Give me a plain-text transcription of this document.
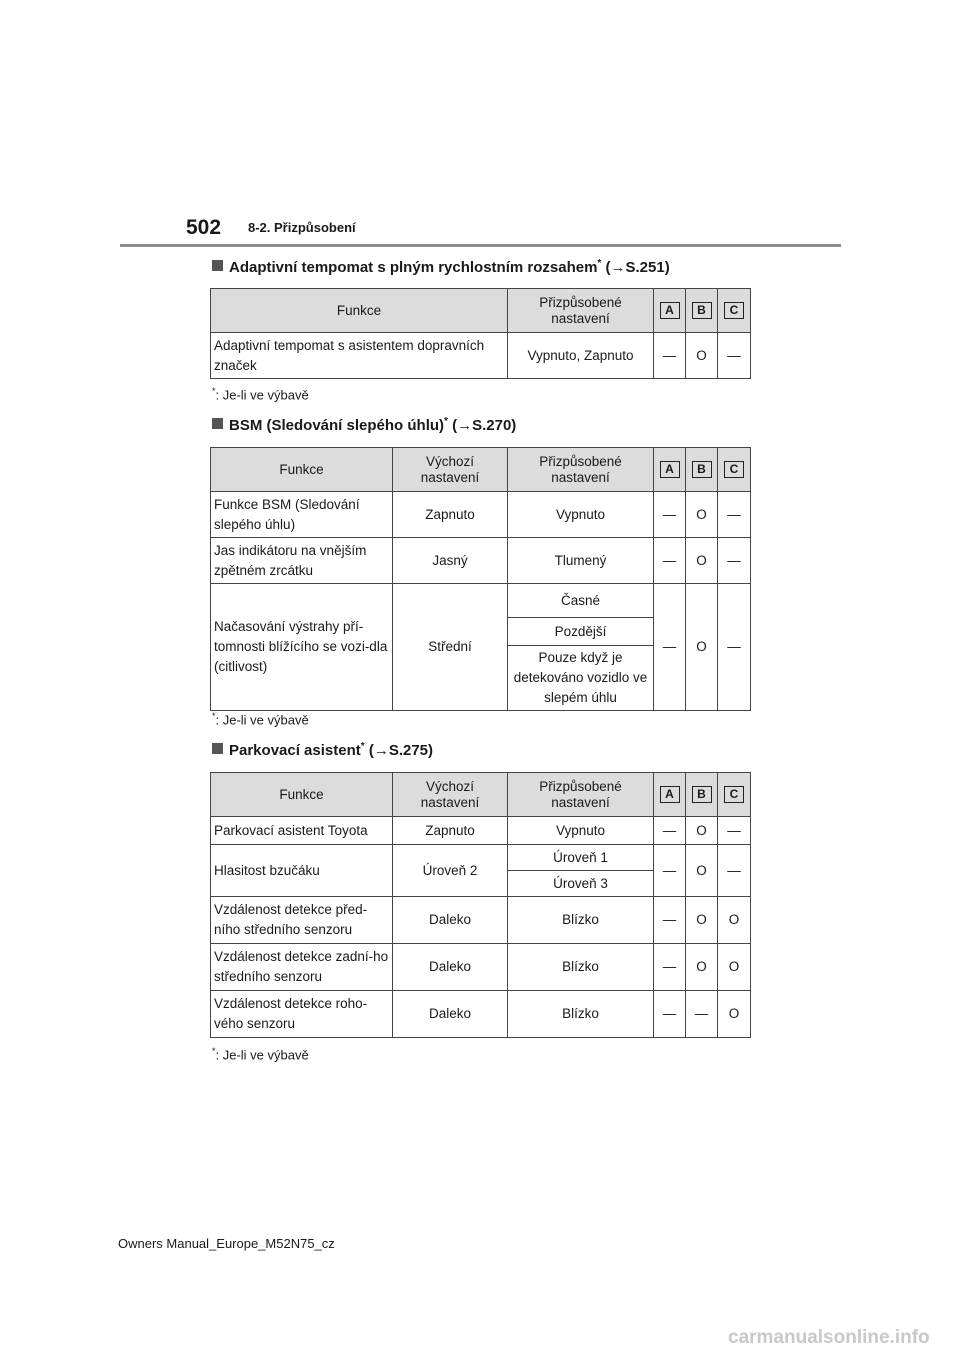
502 8-2. Přizpůsobení
Adaptivní tempomat s plným rychlostním rozsahem* (→S.251)
Funkce	Přizpůsobené nastavení	A	B	C
Adaptivní tempomat s asistentem dopravních značek	Vypnuto, Zapnuto	—	O	—
*: Je-li ve výbavě
BSM (Sledování slepého úhlu)* (→S.270)
Funkce	Výchozí nastavení	Přizpůsobené nastavení	A	B	C
Funkce BSM (Sledování slepého úhlu)	Zapnuto	Vypnuto	—	O	—
Jas indikátoru na vnějším zpětném zrcátku	Jasný	Tlumený	—	O	—
Načasování výstrahy pří-tomnosti blížícího se vozi-dla (citlivost)	Střední	Časné	—	O	—
		Pozdější			
		Pouze když je detekováno vozidlo ve slepém úhlu			
*: Je-li ve výbavě
Parkovací asistent* (→S.275)
Funkce	Výchozí nastavení	Přizpůsobené nastavení	A	B	C
Parkovací asistent Toyota	Zapnuto	Vypnuto	—	O	—
Hlasitost bzučáku	Úroveň 2	Úroveň 1	—	O	—
		Úroveň 3			
Vzdálenost detekce před-ního středního senzoru	Daleko	Blízko	—	O	O
Vzdálenost detekce zadní-ho středního senzoru	Daleko	Blízko	—	O	O
Vzdálenost detekce roho-vého senzoru	Daleko	Blízko	—	—	O
*: Je-li ve výbavě
Owners Manual_Europe_M52N75_cz
carmanualsonline.info
